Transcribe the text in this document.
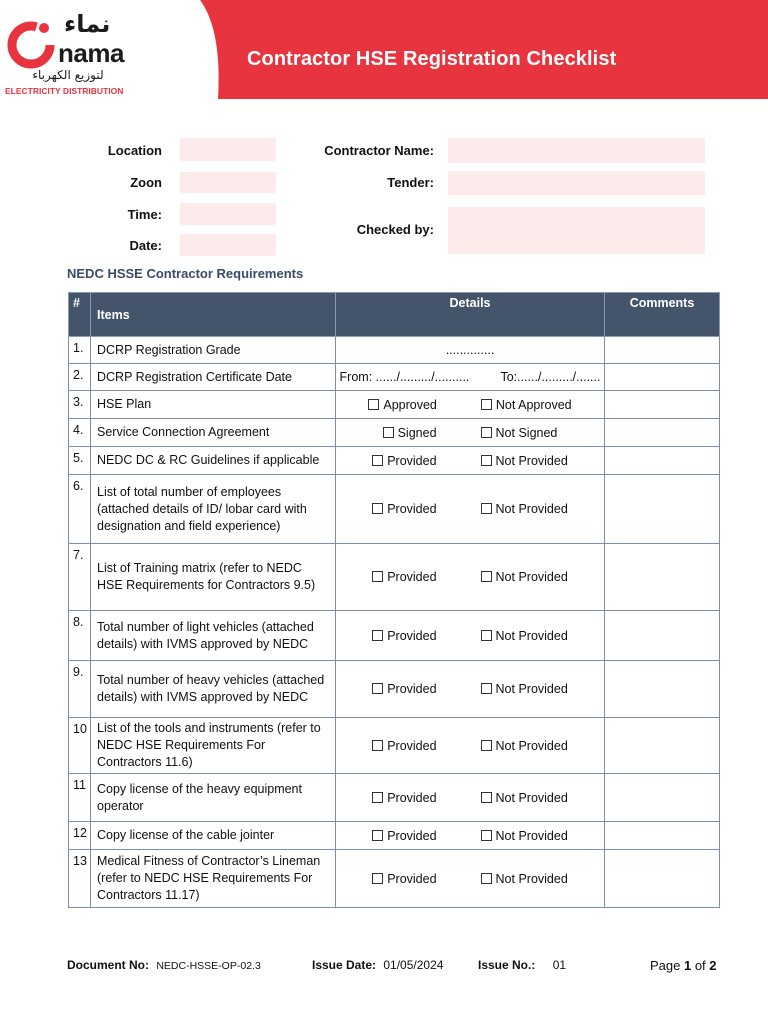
نماء
nama
لتوزيع الكهرباء
ELECTRICITY DISTRIBUTION
Contractor HSE Registration Checklist
Location
Zoon
Time:
Date:
Contractor Name:
Tender:
Checked by:
NEDC HSSE Contractor Requirements
#	Items	Details	Comments
1.	DCRP Registration Grade	..............	
2.	DCRP Registration Certificate Date	From: ....../........./..........         To:....../........./.......	
3.	HSE Plan	Approved Not Approved	
4.	Service Connection Agreement	Signed Not Signed	
5.	NEDC DC & RC Guidelines if applicable	Provided Not Provided	
6.	List of total number of employees (attached details of ID/ lobar card with designation and field experience)	Provided Not Provided	
7.	List of Training matrix (refer to NEDC HSE Requirements for Contractors 9.5)	Provided Not Provided	
8.	Total number of light vehicles (attached details) with IVMS approved by NEDC	Provided Not Provided	
9.	Total number of heavy vehicles (attached details) with IVMS approved by NEDC	Provided Not Provided	
10	List of the tools and instruments (refer to NEDC HSE Requirements For Contractors 11.6)	Provided Not Provided	
11	Copy license of the heavy equipment operator	Provided Not Provided	
12	Copy license of the cable jointer	Provided Not Provided	
13	Medical Fitness of Contractor’s Lineman (refer to NEDC HSE Requirements For Contractors 11.17)	Provided Not Provided	
Document No: NEDC-HSSE-OP-02.3	Issue Date: 01/05/2024	Issue No.: 01	Page 1 of 2
